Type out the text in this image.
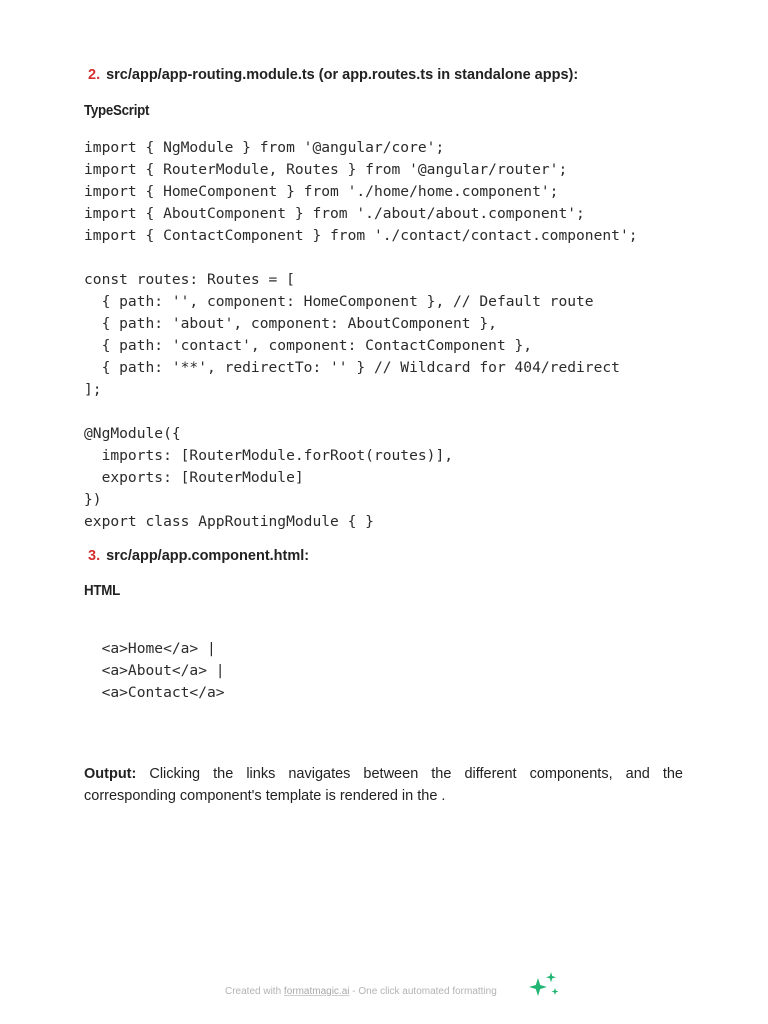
2. src/app/app-routing.module.ts (or app.routes.ts in standalone apps):
TypeScript
import { NgModule } from '@angular/core';
import { RouterModule, Routes } from '@angular/router';
import { HomeComponent } from './home/home.component';
import { AboutComponent } from './about/about.component';
import { ContactComponent } from './contact/contact.component';
const routes: Routes = [
{ path: '', component: HomeComponent }, // Default route
{ path: 'about', component: AboutComponent },
{ path: 'contact', component: ContactComponent },
{ path: '**', redirectTo: '' } // Wildcard for 404/redirect
];
@NgModule({
imports: [RouterModule.forRoot(routes)],
exports: [RouterModule]
})
export class AppRoutingModule { }
3. src/app/app.component.html:
HTML
<a>Home</a> |
<a>About</a> |
<a>Contact</a>
Output: Clicking the links navigates between the different components, and the corresponding component's template is rendered in the .
Created with formatmagic.ai - One click automated formatting
